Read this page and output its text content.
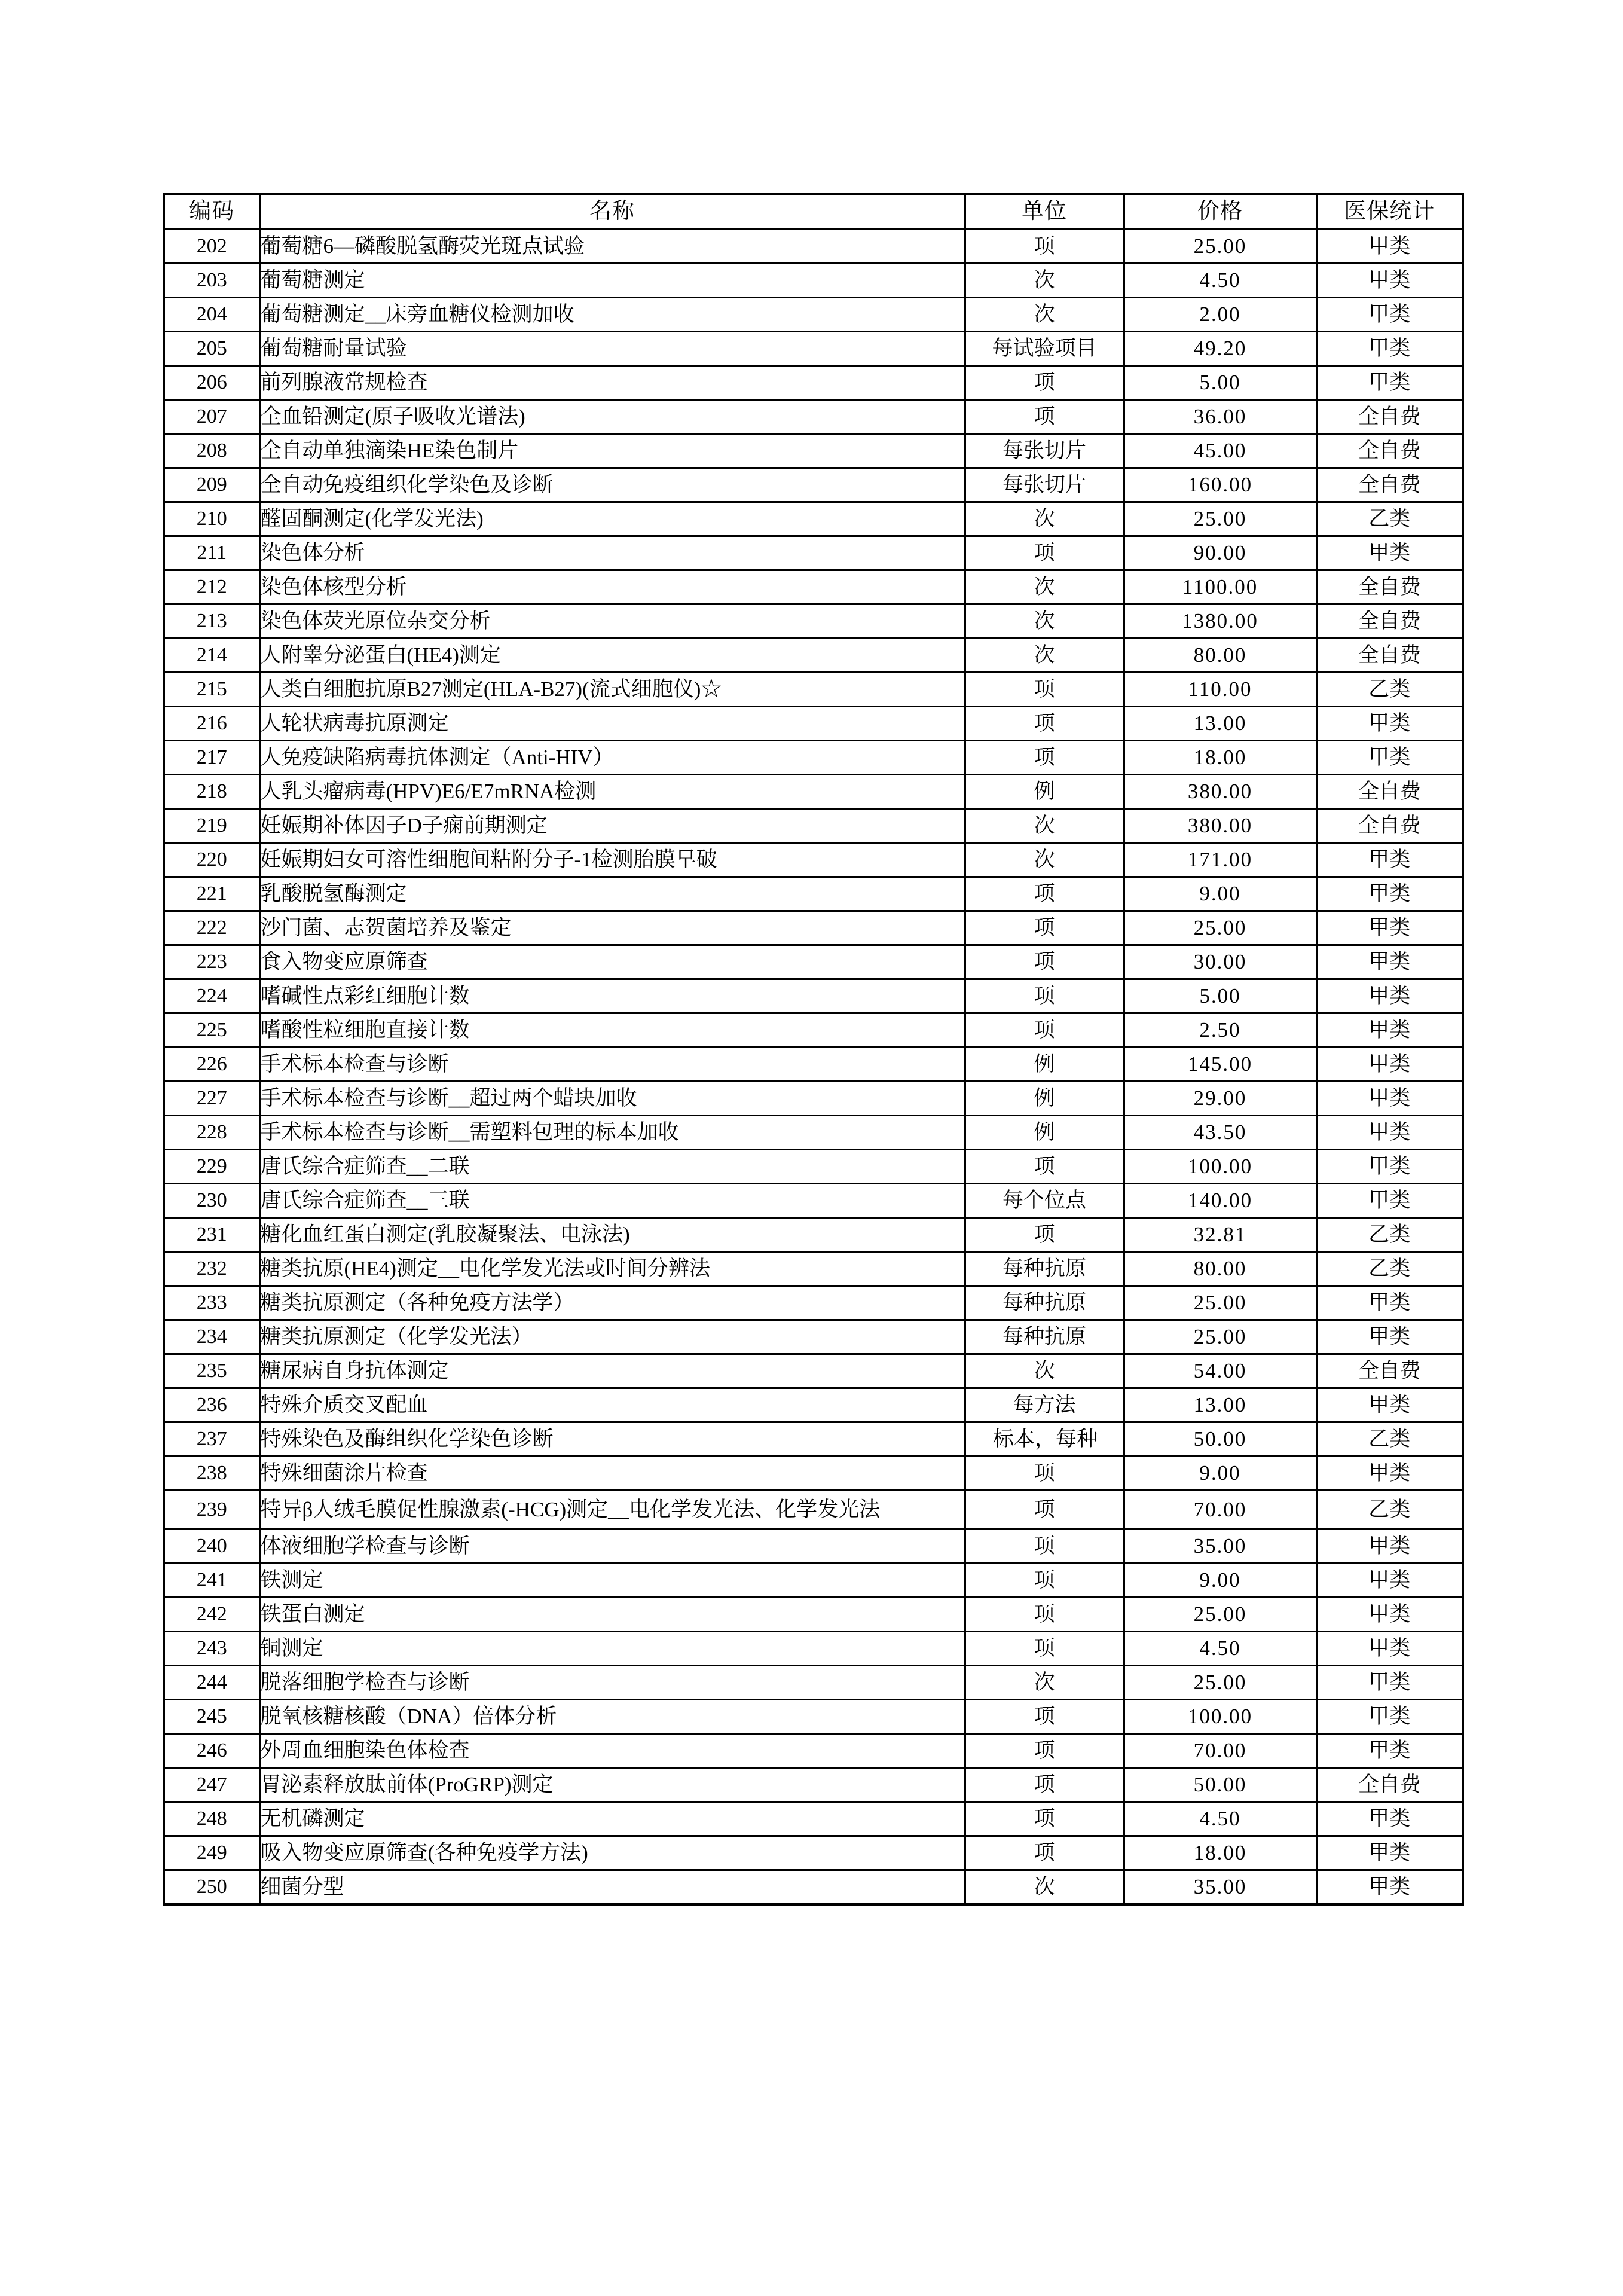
编码	名称	单位	价格	医保统计
202	葡萄糖6—磷酸脱氢酶荧光斑点试验	项	25.00	甲类
203	葡萄糖测定	次	4.50	甲类
204	葡萄糖测定__床旁血糖仪检测加收	次	2.00	甲类
205	葡萄糖耐量试验	每试验项目	49.20	甲类
206	前列腺液常规检查	项	5.00	甲类
207	全血铅测定(原子吸收光谱法)	项	36.00	全自费
208	全自动单独滴染HE染色制片	每张切片	45.00	全自费
209	全自动免疫组织化学染色及诊断	每张切片	160.00	全自费
210	醛固酮测定(化学发光法)	次	25.00	乙类
211	染色体分析	项	90.00	甲类
212	染色体核型分析	次	1100.00	全自费
213	染色体荧光原位杂交分析	次	1380.00	全自费
214	人附睾分泌蛋白(HE4)测定	次	80.00	全自费
215	人类白细胞抗原B27测定(HLA-B27)(流式细胞仪)☆	项	110.00	乙类
216	人轮状病毒抗原测定	项	13.00	甲类
217	人免疫缺陷病毒抗体测定（Anti-HIV）	项	18.00	甲类
218	人乳头瘤病毒(HPV)E6/E7mRNA检测	例	380.00	全自费
219	妊娠期补体因子D子痫前期测定	次	380.00	全自费
220	妊娠期妇女可溶性细胞间粘附分子-1检测胎膜早破	次	171.00	甲类
221	乳酸脱氢酶测定	项	9.00	甲类
222	沙门菌、志贺菌培养及鉴定	项	25.00	甲类
223	食入物变应原筛查	项	30.00	甲类
224	嗜碱性点彩红细胞计数	项	5.00	甲类
225	嗜酸性粒细胞直接计数	项	2.50	甲类
226	手术标本检查与诊断	例	145.00	甲类
227	手术标本检查与诊断__超过两个蜡块加收	例	29.00	甲类
228	手术标本检查与诊断__需塑料包理的标本加收	例	43.50	甲类
229	唐氏综合症筛查__二联	项	100.00	甲类
230	唐氏综合症筛查__三联	每个位点	140.00	甲类
231	糖化血红蛋白测定(乳胶凝聚法、电泳法)	项	32.81	乙类
232	糖类抗原(HE4)测定__电化学发光法或时间分辨法	每种抗原	80.00	乙类
233	糖类抗原测定（各种免疫方法学）	每种抗原	25.00	甲类
234	糖类抗原测定（化学发光法）	每种抗原	25.00	甲类
235	糖尿病自身抗体测定	次	54.00	全自费
236	特殊介质交叉配血	每方法	13.00	甲类
237	特殊染色及酶组织化学染色诊断	标本，每种	50.00	乙类
238	特殊细菌涂片检查	项	9.00	甲类
239	特异β人绒毛膜促性腺激素(-HCG)测定__电化学发光法、化学发光法	项	70.00	乙类
240	体液细胞学检查与诊断	项	35.00	甲类
241	铁测定	项	9.00	甲类
242	铁蛋白测定	项	25.00	甲类
243	铜测定	项	4.50	甲类
244	脱落细胞学检查与诊断	次	25.00	甲类
245	脱氧核糖核酸（DNA）倍体分析	项	100.00	甲类
246	外周血细胞染色体检查	项	70.00	甲类
247	胃泌素释放肽前体(ProGRP)测定	项	50.00	全自费
248	无机磷测定	项	4.50	甲类
249	吸入物变应原筛查(各种免疫学方法)	项	18.00	甲类
250	细菌分型	次	35.00	甲类
